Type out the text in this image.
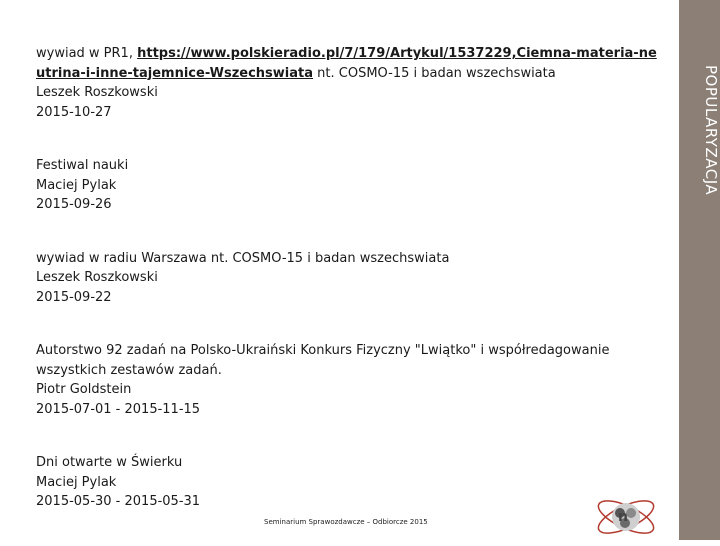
POPULARYZACJA
wywiad w PR1, https://www.polskieradio.pl/7/179/Artykul/1537229,Ciemna-materia-neutrina-i-inne-tajemnice-Wszechswiata nt. COSMO-15 i badan wszechswiata
Leszek Roszkowski
2015-10-27
Festiwal nauki
Maciej Pylak
2015-09-26
wywiad w radiu Warszawa nt. COSMO-15 i badan wszechswiata
Leszek Roszkowski
2015-09-22
Autorstwo 92 zadań na Polsko-Ukraiński Konkurs Fizyczny "Lwiątko" i współredagowanie wszystkich zestawów zadań.
Piotr Goldstein
2015-07-01 - 2015-11-15
Dni otwarte w Świerku
Maciej Pylak
2015-05-30 - 2015-05-31
Seminarium Sprawozdawcze – Odbiorcze 2015	n
